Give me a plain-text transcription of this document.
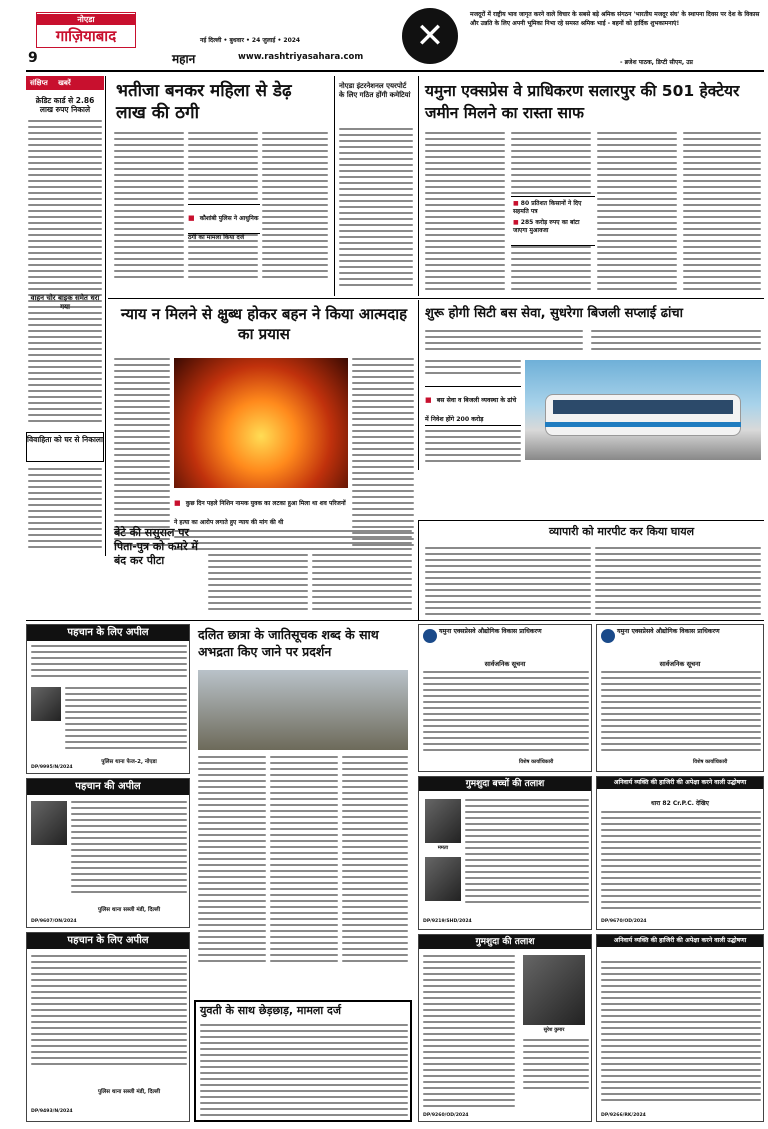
नोएडा
गाज़ियाबाद
9
नई दिल्ली • बुधवार • 24 जुलाई • 2024
महान	www.rashtriyasahara.com
✕
मजदूरों में राष्ट्रीय भाव जागृत करने वाले विचार के सबसे बड़े श्रमिक संगठन 'भारतीय मजदूर संघ' के स्थापना दिवस पर देश के विकास और उन्नति के लिए अपनी भूमिका निभा रहे समस्त श्रमिक भाई - बहनों को हार्दिक शुभकामनाएं!
- ब्रजेश पाठक, डिप्टी सीएम, उप्र
संक्षिप्त खबरें
क्रेडिट कार्ड से 2.86 लाख रुपए निकाले
वाहन चोर बाइक समेत धरा गया
विवाहिता को घर से निकाला
भतीजा बनकर महिला से डेढ़ लाख की ठगी
■ कौशांबी पुलिस ने आधुनिक ठगी का मामला किया दर्ज
नोएडा इंटरनेशनल एयरपोर्ट के लिए गठित होंगी कमेटियां यमुना एक्सप्रेस वे प्राधिकरण सलारपुर की 501 हेक्टेयर जमीन मिलने का रास्ता साफ
■ 80 प्रतिशत किसानों ने दिए सहमति पत्र
■ 285 करोड़ रुपए का बांटा जाएगा मुआवजा
न्याय न मिलने से क्षुब्ध होकर बहन ने किया आत्मदाह का प्रयास
■ कुछ दिन पहले निशिन नामक युवक का लटका हुआ मिला था शव परिजनों ने हत्या का आरोप लगाते हुए न्याय की मांग की थी
शुरू होगी सिटी बस सेवा, सुधरेगा बिजली सप्लाई ढांचा
■ बस सेवा व बिजली व्यवस्था के ढांचे में निवेश होंगे 200 करोड़
बेटे की ससुराल पर पिता-पुत्र को कमरे में बंद कर पीटा
व्यापारी को मारपीट कर किया घायल
पहचान के लिए अपील
पुलिस थाना फेज-2, नोएडा
DP/9995/N/2024
पहचान की अपील
पुलिस थाना सब्जी मंडी, दिल्ली
DP/9607/ON/2024
पहचान के लिए अपील
पुलिस थाना सब्जी मंडी, दिल्ली
DP/9493/N/2024
दलित छात्रा के जातिसूचक शब्द के साथ अभद्रता किए जाने पर प्रदर्शन
युवती के साथ छेड़छाड़, मामला दर्ज
यमुना एक्सप्रेसवे औद्योगिक विकास प्राधिकरण
सार्वजनिक सूचना
विशेष कार्याधिकारी
यमुना एक्सप्रेसवे औद्योगिक विकास प्राधिकरण
सार्वजनिक सूचना
विशेष कार्याधिकारी
गुमशुदा बच्चों की तलाश
ममता
DP/9219/SHD/2024
अनिवार्य व्यक्ति की हाजिरी की अपेक्षा करने वाली उद्घोषणा
धारा 82 Cr.P.C. देखिए
DP/9670/OD/2024
गुमशुदा की तलाश
सुरेश कुमार
DP/9260/OD/2024
अनिवार्य व्यक्ति की हाजिरी की अपेक्षा करने वाली उद्घोषणा
DP/9266/RK/2024
